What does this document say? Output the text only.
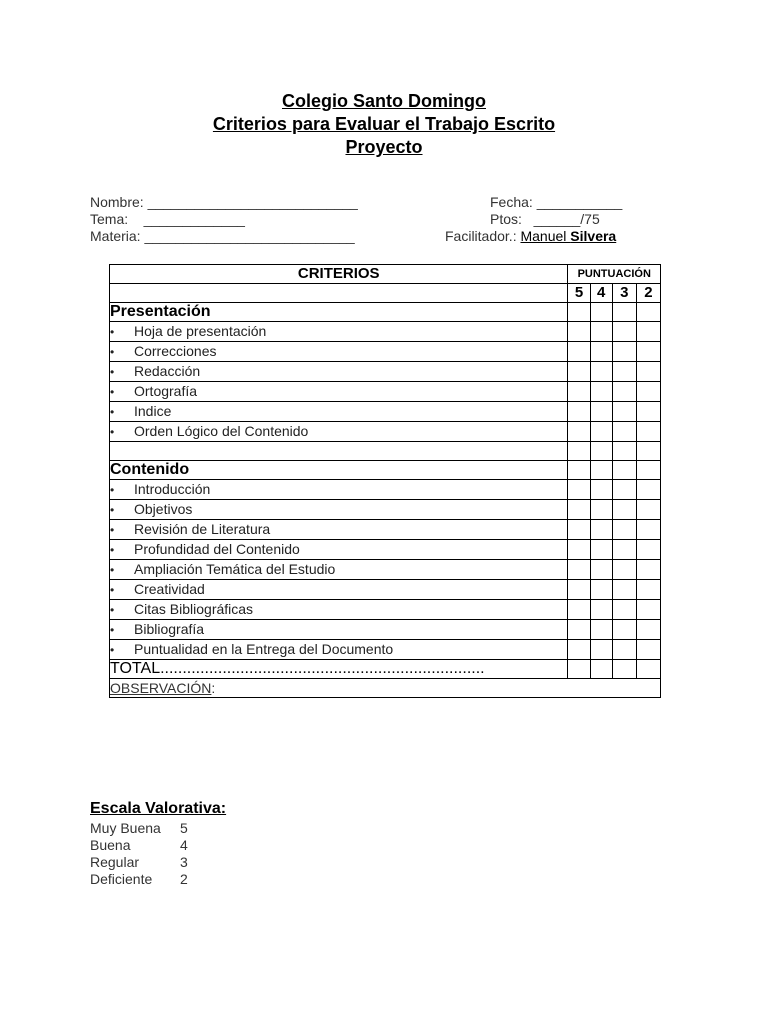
Colegio Santo Domingo
Criterios para Evaluar el Trabajo Escrito
Proyecto
Nombre: ___________________________
Tema:    _____________
Materia: ___________________________
Fecha: ___________
Ptos:   ______/75
Facilitador.: Manuel Silvera
CRITERIOS	PUNTUACIÓN			
	5	4	3	2
Presentación				
• Hoja de presentación				
• Correcciones				
• Redacción				
• Ortografía				
• Indice				
• Orden Lógico del Contenido				

Contenido				
• Introducción				
• Objetivos				
• Revisión de Literatura				
• Profundidad del Contenido				
• Ampliación Temática del Estudio				
• Creatividad				
• Citas Bibliográficas				
• Bibliografía				
• Puntualidad en la Entrega del Documento				
TOTAL.........................................................................				
OBSERVACIÓN:				
Escala Valorativa:
Muy Buena 5
Buena	4
Regular	3
Deficiente 2
